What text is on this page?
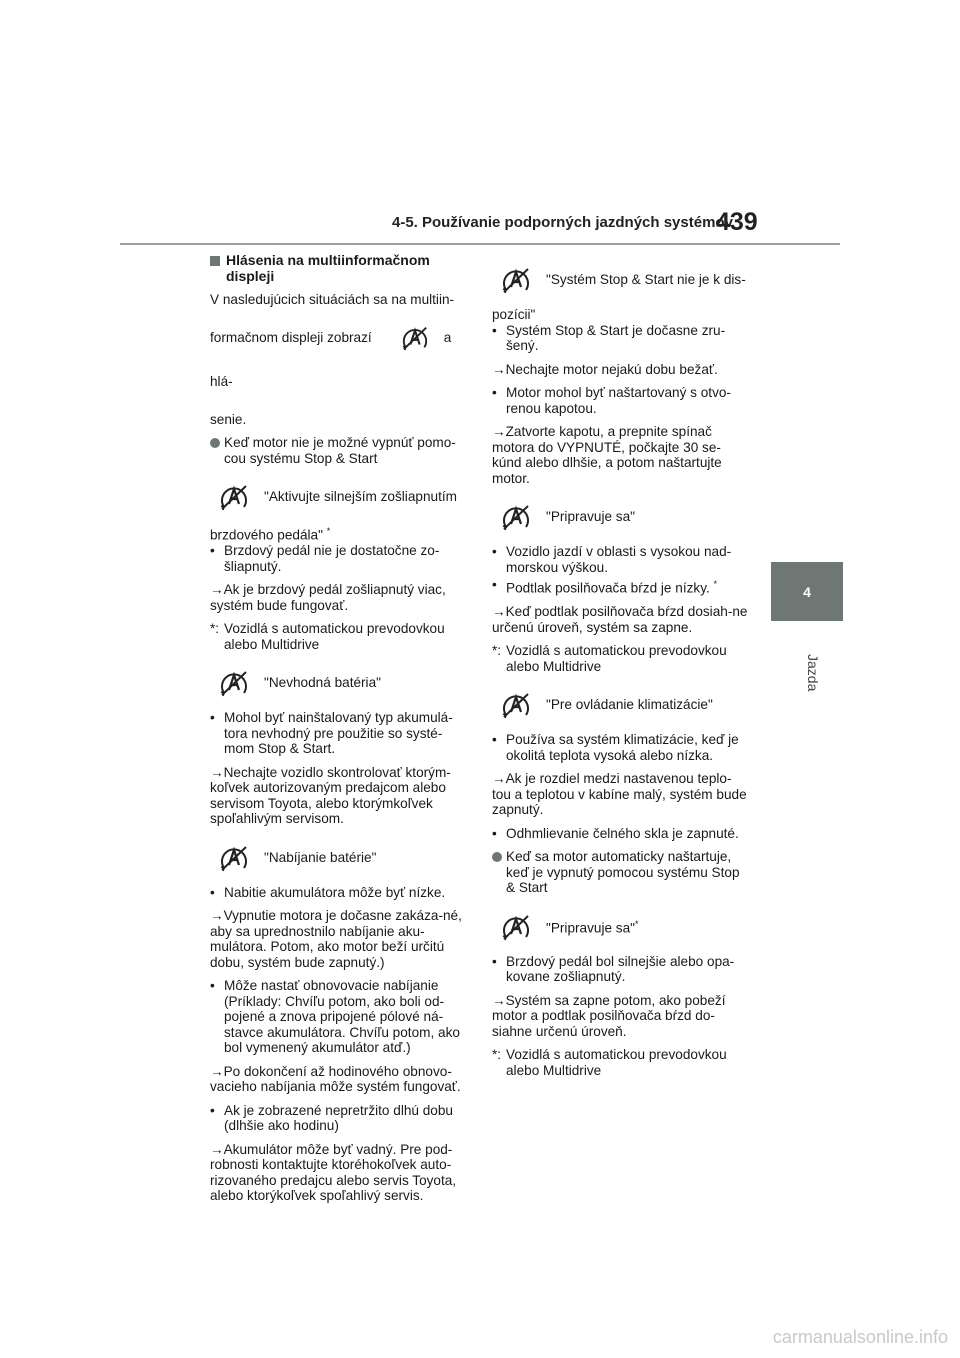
4-5. Používanie podporných jazdných systémov
439
4
Jazda
Hlásenia na multiinformačnom displeji
V nasledujúcich situáciách sa na multiin-
formačnom displeji zobrazí	a hlá-
senie.
Keď motor nie je možné vypnúť pomo-cou systému Stop & Start
"Aktivujte silnejším zošliapnutím
brzdového pedála" *
• Brzdový pedál nie je dostatočne zo-šliapnutý.
→Ak je brzdový pedál zošliapnutý viac, systém bude fungovať.
*: Vozidlá s automatickou prevodovkou alebo Multidrive
"Nevhodná batéria"
• Mohol byť nainštalovaný typ akumulá-tora nevhodný pre použitie so systé-mom Stop & Start.
→Nechajte vozidlo skontrolovať ktorým-koľvek autorizovaným predajcom alebo servisom Toyota, alebo ktorýmkoľvek spoľahlivým servisom.
"Nabíjanie batérie"
• Nabitie akumulátora môže byť nízke.
→Vypnutie motora je dočasne zakáza-né, aby sa uprednostnilo nabíjanie aku-mulátora. Potom, ako motor beží určitú dobu, systém bude zapnutý.)
• Môže nastať obnovovacie nabíjanie (Príklady: Chvíľu potom, ako boli od-pojené a znova pripojené pólové ná-stavce akumulátora. Chvíľu potom, ako bol vymenený akumulátor atď.)
→Po dokončení až hodinového obnovo-vacieho nabíjania môže systém fungovať.
• Ak je zobrazené nepretržito dlhú dobu (dlhšie ako hodinu)
→Akumulátor môže byť vadný. Pre pod-robnosti kontaktujte ktoréhokoľvek auto-rizovaného predajcu alebo servis Toyota, alebo ktorýkoľvek spoľahlivý servis.
"Systém Stop & Start nie je k dis-
pozícii"
• Systém Stop & Start je dočasne zru-šený.
→Nechajte motor nejakú dobu bežať.
• Motor mohol byť naštartovaný s otvo-renou kapotou.
→Zatvorte kapotu, a prepnite spínač motora do VYPNUTÉ, počkajte 30 se-kúnd alebo dlhšie, a potom naštartujte motor.
"Pripravuje sa"
• Vozidlo jazdí v oblasti s vysokou nad-morskou výškou.
• Podtlak posilňovača bŕzd je nízky. *
→Keď podtlak posilňovača bŕzd dosiah-ne určenú úroveň, systém sa zapne.
*: Vozidlá s automatickou prevodovkou alebo Multidrive
"Pre ovládanie klimatizácie"
• Používa sa systém klimatizácie, keď je okolitá teplota vysoká alebo nízka.
→Ak je rozdiel medzi nastavenou teplo-tou a teplotou v kabíne malý, systém bude zapnutý.
• Odhmlievanie čelného skla je zapnuté.
Keď sa motor automaticky naštartuje, keď je vypnutý pomocou systému Stop & Start
"Pripravuje sa"*
• Brzdový pedál bol silnejšie alebo opa-kovane zošliapnutý.
→Systém sa zapne potom, ako pobeží motor a podtlak posilňovača bŕzd do-siahne určenú úroveň.
*: Vozidlá s automatickou prevodovkou alebo Multidrive
carmanualsonline.info
